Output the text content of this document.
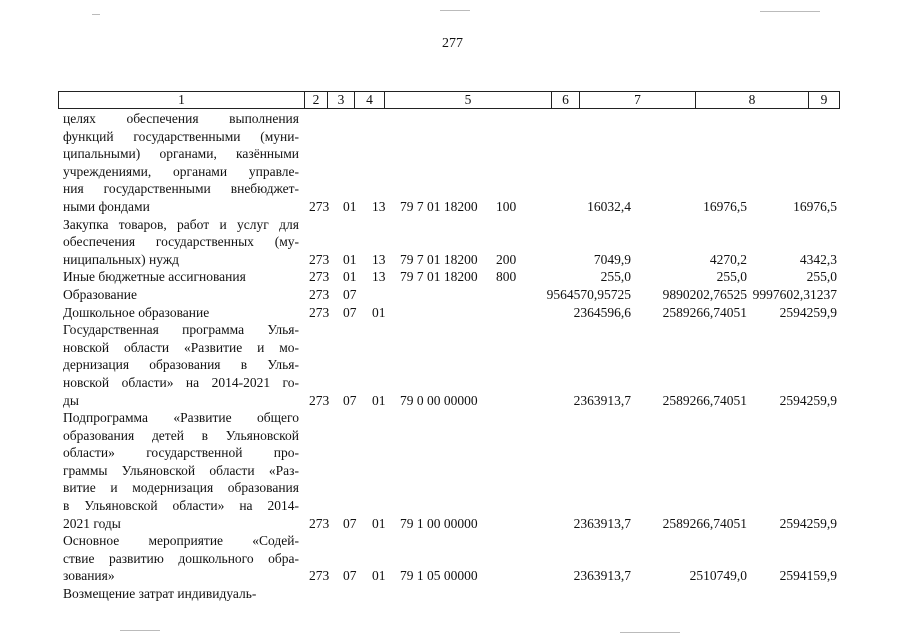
277
1	2	3	4	5	6	7	8	9
целях обеспечения выполнения
функций государственными (муни-
ципальными) органами, казёнными
учреждениями, органами управле-
ния государственными внебюджет-
ными фондами	273 01 13 79 7 01 18200 100	16032,4	16976,5	16976,5
Закупка товаров, работ и услуг для
обеспечения государственных (му-
ниципальных) нужд	273 01 13 79 7 01 18200 200	7049,9	4270,2	4342,3
Иные бюджетные ассигнования	273 01 13 79 7 01 18200 800	255,0	255,0	255,0
Образование	273 07	9564570,95725 9890202,76525 9997602,31237
Дошкольное образование	273 07 01	2364596,6 2589266,74051 2594259,9
Государственная программа Улья-
новской области «Развитие и мо-
дернизация образования в Улья-
новской области» на 2014-2021 го-
ды	273 07 01 79 0 00 00000	2363913,7 2589266,74051 2594259,9
Подпрограмма «Развитие общего
образования детей в Ульяновской
области» государственной про-
граммы Ульяновской области «Раз-
витие и модернизация образования
в Ульяновской области» на 2014-
2021 годы	273 07 01 79 1 00 00000	2363913,7 2589266,74051 2594259,9
Основное мероприятие «Содей-
ствие развитию дошкольного обра-
зования»	273 07 01 79 1 05 00000	2363913,7	2510749,0 2594159,9
Возмещение затрат индивидуаль-
